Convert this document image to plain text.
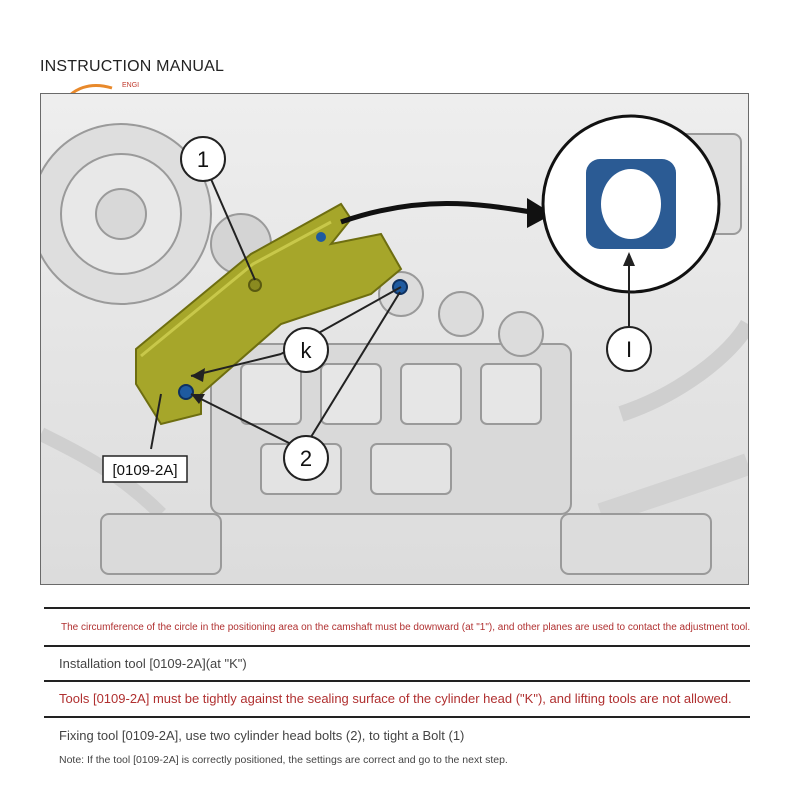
INSTRUCTION MANUAL
ENGI
1
k
2
I
[0109-2A]
The circumference of the circle in the positioning area on the camshaft must be downward (at "1"), and other planes are used to contact the adjustment tool.
Installation tool [0109-2A](at "K")
Tools [0109-2A] must be tightly against the sealing surface of the cylinder head ("K"), and lifting tools are not allowed.
Fixing tool [0109-2A], use two cylinder head bolts (2), to tight a Bolt (1)
Note: If the tool [0109-2A] is correctly positioned, the settings are correct and go to the next step.
